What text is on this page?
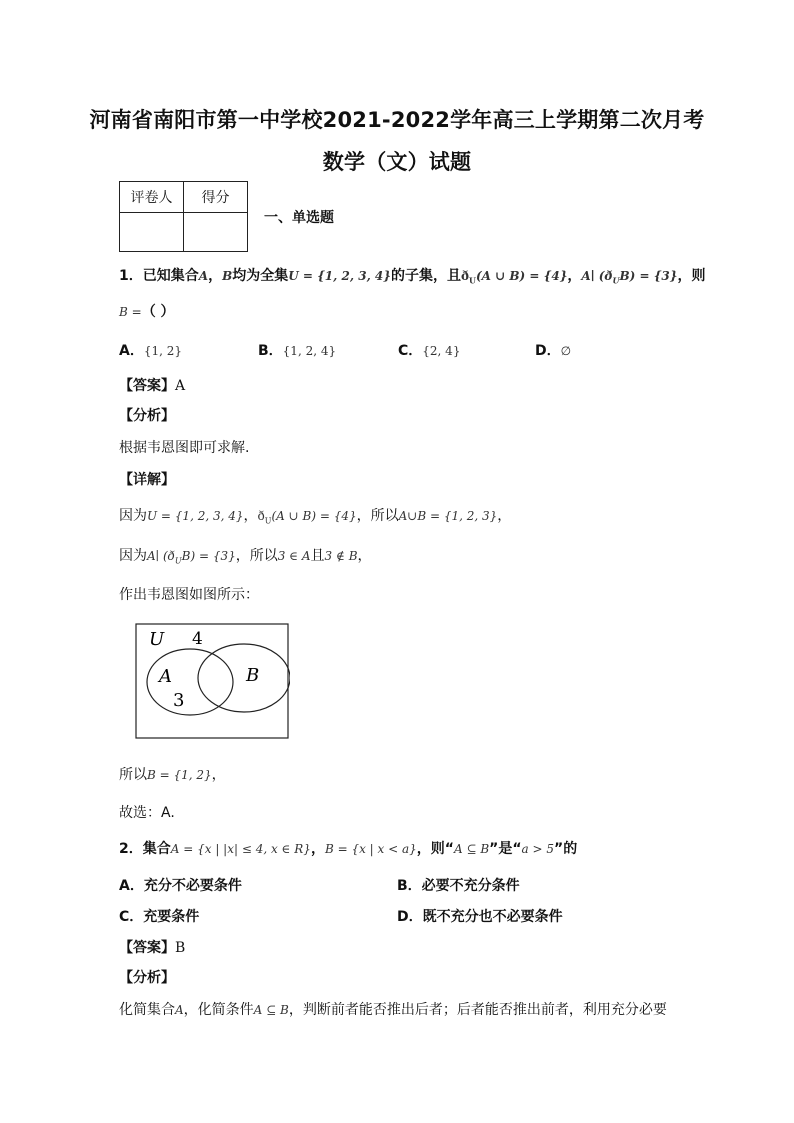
河南省南阳市第一中学校2021-2022学年高三上学期第二次月考
数学（文）试题
评卷人	得分

一、单选题
1．已知集合A，B均为全集U = {1, 2, 3, 4}的子集，且$ð_U(A$ ∪ B) = {4}，A∣ $(ð_UB) = \{3\}$，则
B =（ ）
A．{1, 2}	B．{1, 2, 4}	C．{2, 4}	D．∅
【答案】A
【分析】
根据韦恩图即可求解.
【详解】
因为U = {1, 2, 3, 4}，$ð_U(A$ ∪ B) = {4}，所以A∪B = {1, 2, 3}，
因为A∣ $(ð_UB) = \{3\}$，所以3 ∈ A且3 ∉ B，
作出韦恩图如图所示：
U 4
A	B
3
所以B = {1, 2}，
故选：A.
2．集合A = {x | |x| ≤ 4, x ∈ R}，B = {x | x < a}，则“A ⊆ B”是“a > 5”的
A．充分不必要条件	B．必要不充分条件
C．充要条件	D．既不充分也不必要条件
【答案】B
【分析】
化简集合A，化简条件A ⊆ B，判断前者能否推出后者；后者能否推出前者，利用充分必要
